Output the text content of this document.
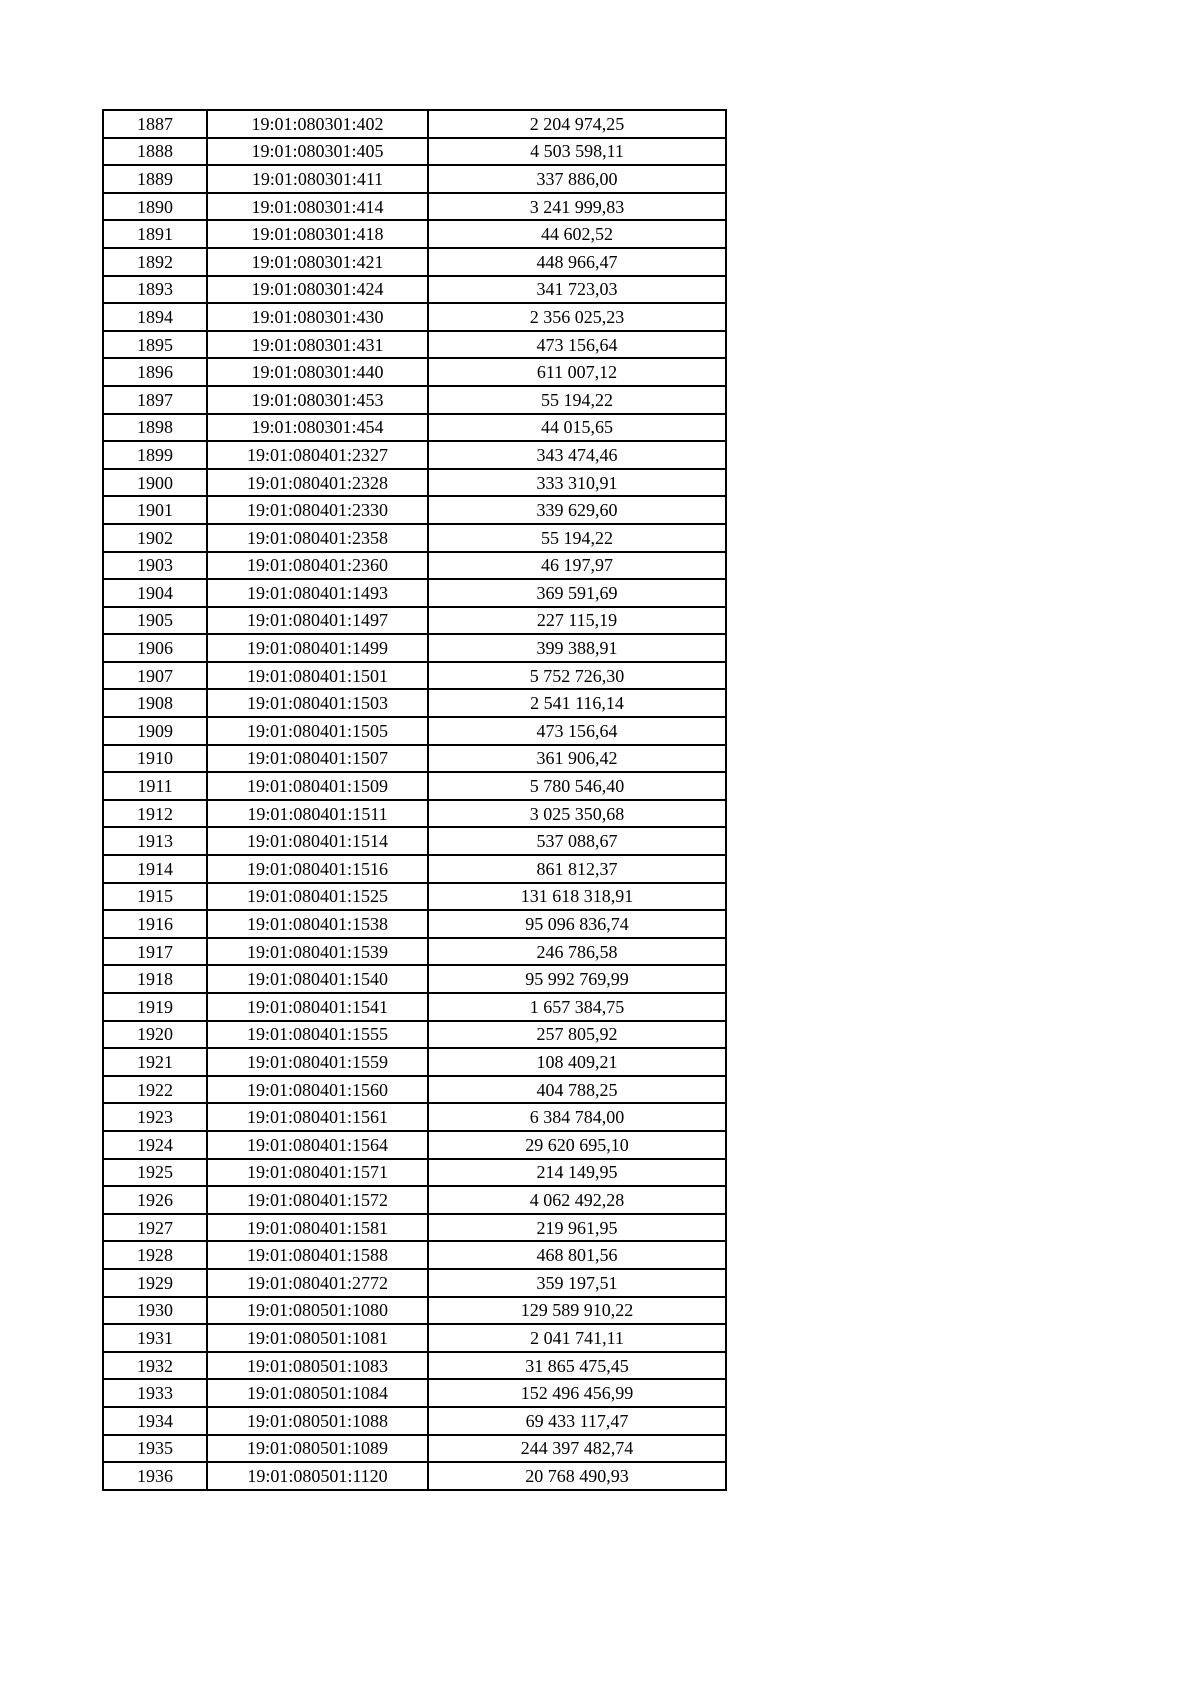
1887	19:01:080301:402	2 204 974,25
1888	19:01:080301:405	4 503 598,11
1889	19:01:080301:411	337 886,00
1890	19:01:080301:414	3 241 999,83
1891	19:01:080301:418	44 602,52
1892	19:01:080301:421	448 966,47
1893	19:01:080301:424	341 723,03
1894	19:01:080301:430	2 356 025,23
1895	19:01:080301:431	473 156,64
1896	19:01:080301:440	611 007,12
1897	19:01:080301:453	55 194,22
1898	19:01:080301:454	44 015,65
1899	19:01:080401:2327	343 474,46
1900	19:01:080401:2328	333 310,91
1901	19:01:080401:2330	339 629,60
1902	19:01:080401:2358	55 194,22
1903	19:01:080401:2360	46 197,97
1904	19:01:080401:1493	369 591,69
1905	19:01:080401:1497	227 115,19
1906	19:01:080401:1499	399 388,91
1907	19:01:080401:1501	5 752 726,30
1908	19:01:080401:1503	2 541 116,14
1909	19:01:080401:1505	473 156,64
1910	19:01:080401:1507	361 906,42
1911	19:01:080401:1509	5 780 546,40
1912	19:01:080401:1511	3 025 350,68
1913	19:01:080401:1514	537 088,67
1914	19:01:080401:1516	861 812,37
1915	19:01:080401:1525	131 618 318,91
1916	19:01:080401:1538	95 096 836,74
1917	19:01:080401:1539	246 786,58
1918	19:01:080401:1540	95 992 769,99
1919	19:01:080401:1541	1 657 384,75
1920	19:01:080401:1555	257 805,92
1921	19:01:080401:1559	108 409,21
1922	19:01:080401:1560	404 788,25
1923	19:01:080401:1561	6 384 784,00
1924	19:01:080401:1564	29 620 695,10
1925	19:01:080401:1571	214 149,95
1926	19:01:080401:1572	4 062 492,28
1927	19:01:080401:1581	219 961,95
1928	19:01:080401:1588	468 801,56
1929	19:01:080401:2772	359 197,51
1930	19:01:080501:1080	129 589 910,22
1931	19:01:080501:1081	2 041 741,11
1932	19:01:080501:1083	31 865 475,45
1933	19:01:080501:1084	152 496 456,99
1934	19:01:080501:1088	69 433 117,47
1935	19:01:080501:1089	244 397 482,74
1936	19:01:080501:1120	20 768 490,93
